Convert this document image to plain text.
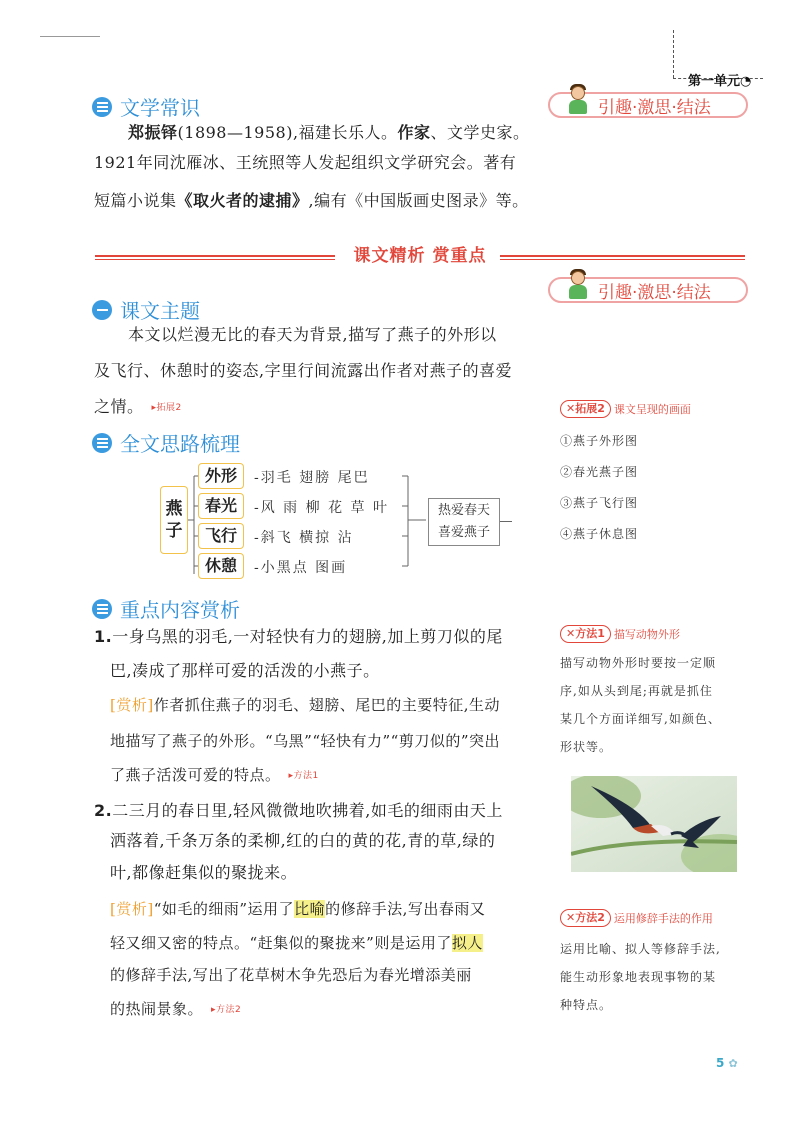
第一单元◔
文学常识	引趣·激思·结法
郑振铎(1898—1958),福建长乐人。作家、文学史家。
1921年同沈雁冰、王统照等人发起组织文学研究会。著有
短篇小说集《取火者的逮捕》,编有《中国版画史图录》等。
课文精析 赏重点
课文主题
引趣·激思·结法
本文以烂漫无比的春天为背景,描写了燕子的外形以
及飞行、休憩时的姿态,字里行间流露出作者对燕子的喜爱
之情。 ▸拓展2
全文思路梳理
燕子
外形	-羽毛 翅膀 尾巴
春光	-风 雨 柳 花 草 叶
飞行	-斜飞 横掠 沾
休憩	-小黑点 图画
热爱春天
喜爱燕子
重点内容赏析
1.一身乌黑的羽毛,一对轻快有力的翅膀,加上剪刀似的尾
巴,凑成了那样可爱的活泼的小燕子。
[赏析]作者抓住燕子的羽毛、翅膀、尾巴的主要特征,生动
地描写了燕子的外形。“乌黑”“轻快有力”“剪刀似的”突出
了燕子活泼可爱的特点。 ▸方法1
2.二三月的春日里,轻风微微地吹拂着,如毛的细雨由天上
洒落着,千条万条的柔柳,红的白的黄的花,青的草,绿的
叶,都像赶集似的聚拢来。
[赏析]“如毛的细雨”运用了比喻的修辞手法,写出春雨又
轻又细又密的特点。“赶集似的聚拢来”则是运用了拟人
的修辞手法,写出了花草树木争先恐后为春光增添美丽
的热闹景象。 ▸方法2
✕拓展2 课文呈现的画面
①燕子外形图
②春光燕子图
③燕子飞行图
④燕子休息图
✕方法1 描写动物外形
描写动物外形时要按一定顺
序,如从头到尾;再就是抓住
某几个方面详细写,如颜色、
形状等。
✕方法2 运用修辞手法的作用
运用比喻、拟人等修辞手法,
能生动形象地表现事物的某
种特点。
5 ✿
